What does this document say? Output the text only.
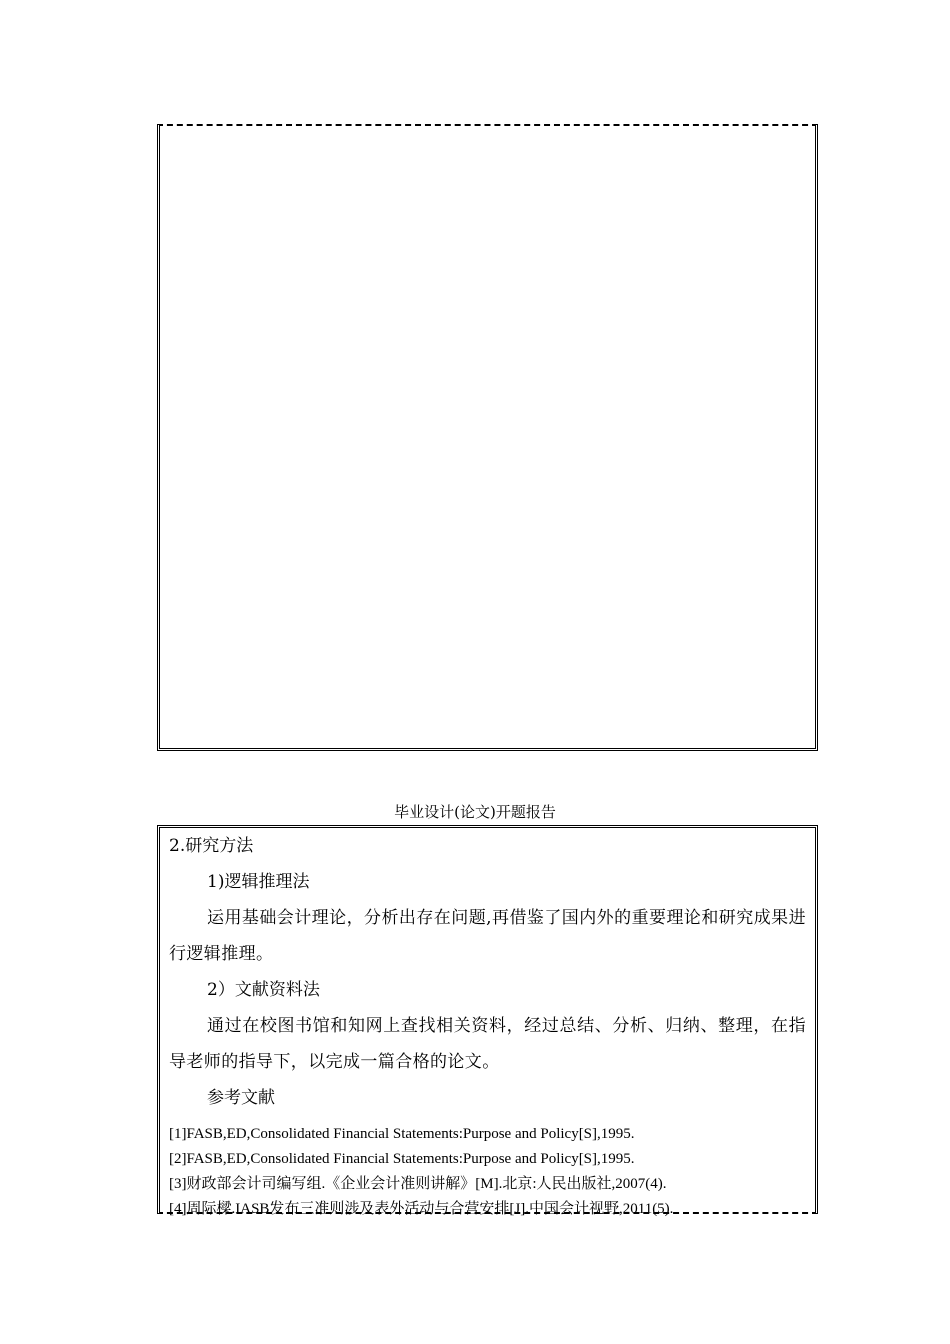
毕业设计(论文)开题报告
2.研究方法
1)逻辑推理法
运用基础会计理论，分析出存在问题,再借鉴了国内外的重要理论和研究成果进行逻辑推理。
2）文献资料法
通过在校图书馆和知网上查找相关资料，经过总结、分析、归纳、整理，在指导老师的指导下，以完成一篇合格的论文。
参考文献
[1]FASB,ED,Consolidated Financial Statements:Purpose and Policy[S],1995.
[2]FASB,ED,Consolidated Financial Statements:Purpose and Policy[S],1995.
[3]财政部会计司编写组.《企业会计准则讲解》[M].北京:人民出版社,2007(4).
[4]周际樑.IASB发布三准则涉及表外活动与合营安排[J].中国会计视野,2011(5).
